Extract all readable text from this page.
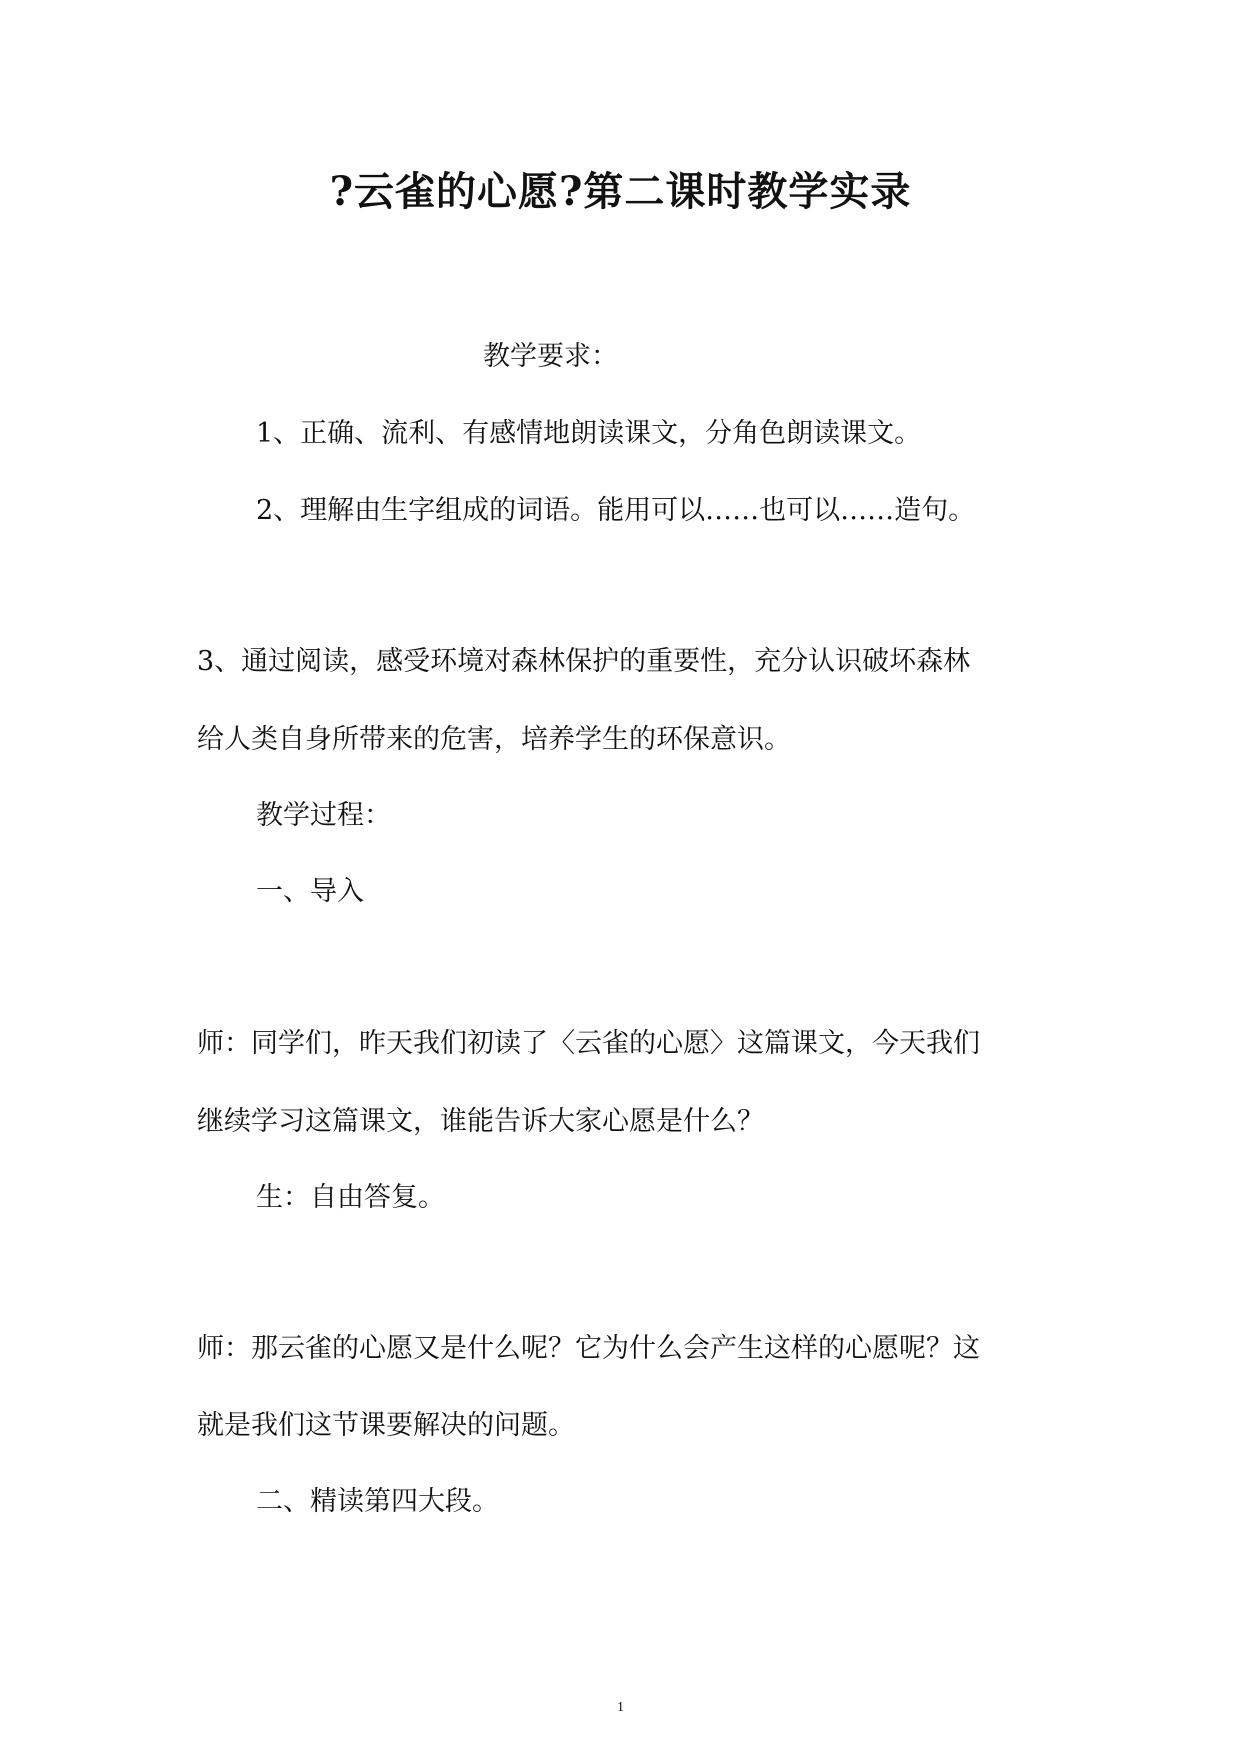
?云雀的心愿?第二课时教学实录
教学要求：
1、正确、流利、有感情地朗读课文，分角色朗读课文。
2、理解由生字组成的词语。能用可以……也可以……造句。
3、通过阅读，感受环境对森林保护的重要性，充分认识破坏森林
给人类自身所带来的危害，培养学生的环保意识。
教学过程：
一、导入
师：同学们，昨天我们初读了〈云雀的心愿〉这篇课文，今天我们
继续学习这篇课文，谁能告诉大家心愿是什么？
生：自由答复。
师：那云雀的心愿又是什么呢？它为什么会产生这样的心愿呢？这
就是我们这节课要解决的问题。
二、精读第四大段。
1
